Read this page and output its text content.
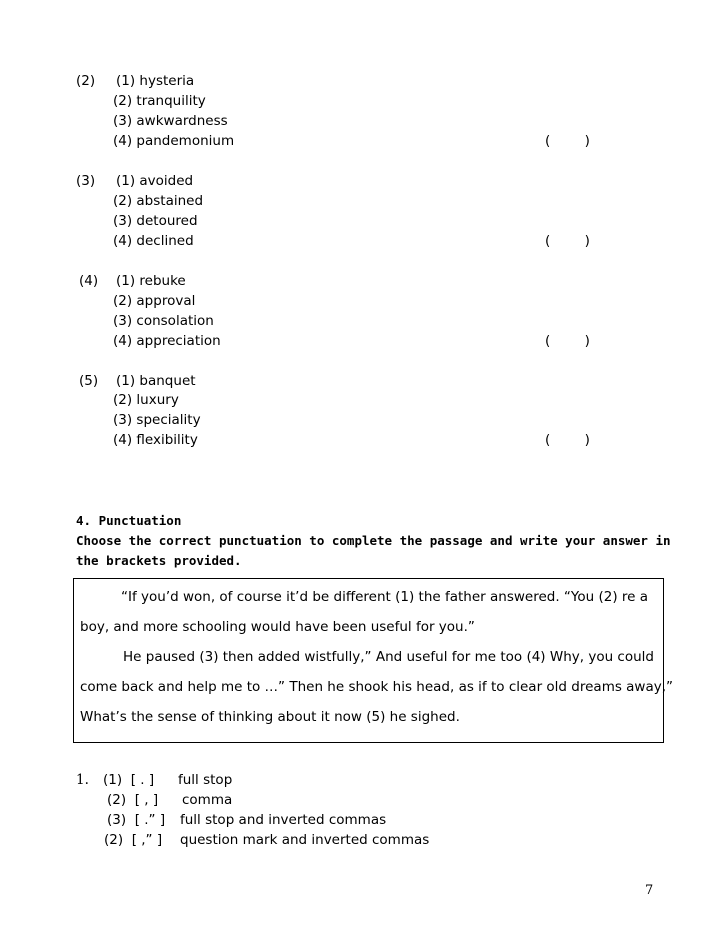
(2) (1) hysteria
(2) tranquility
(3) awkwardness
(4) pandemonium	(        )
(3) (1) avoided
(2) abstained
(3) detoured
(4) declined	(        )
(4) (1) rebuke
(2) approval
(3) consolation
(4) appreciation	(        )
(5) (1) banquet
(2) luxury
(3) speciality
(4) flexibility	(        )
4. Punctuation
Choose the correct punctuation to complete the passage and write your answer in
the brackets provided.
“If you’d won, of course it’d be different (1) the father answered. “You (2) re a
boy, and more schooling would have been useful for you.”
He paused (3) then added wistfully,” And useful for me too (4) Why, you could
come back and help me to …” Then he shook his head, as if to clear old dreams away,”
What’s the sense of thinking about it now (5) he sighed.
1. (1)  [ . ] full stop
(2)  [ , ] comma
(3)  [ .” ] full stop and inverted commas
(2)  [ ,” ] question mark and inverted commas
7
